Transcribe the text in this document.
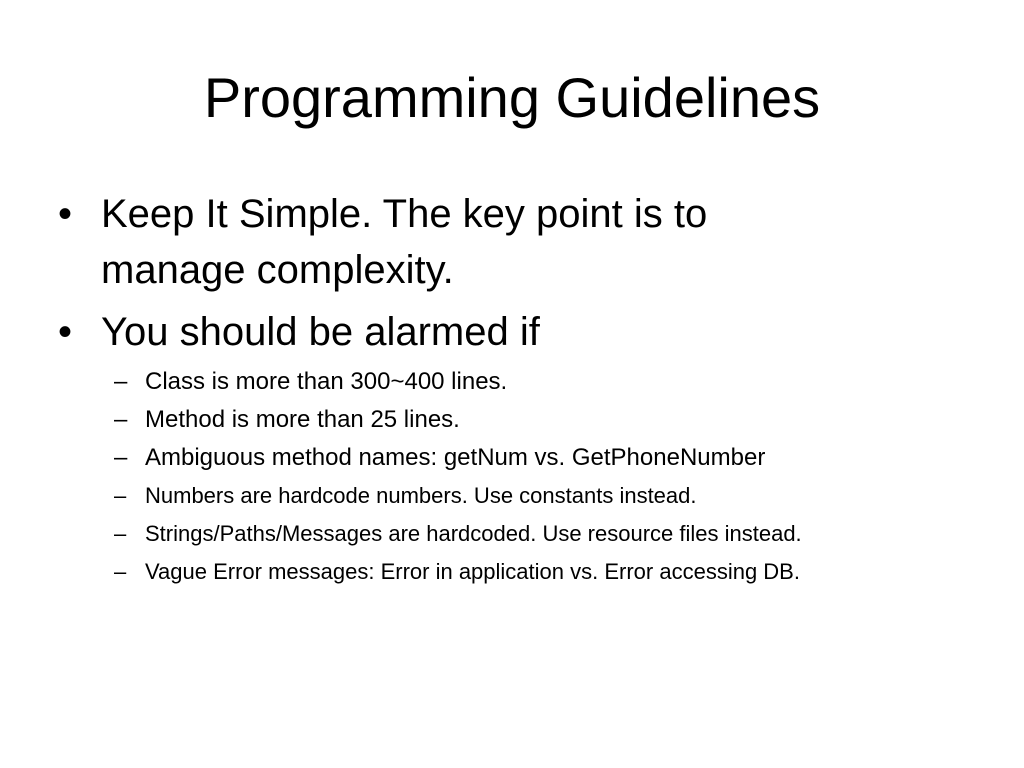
Programming Guidelines
• Keep It Simple. The key point is to
manage complexity.
• You should be alarmed if
– Class is more than 300~400 lines.
– Method is more than 25 lines.
– Ambiguous method names: getNum vs. GetPhoneNumber
– Numbers are hardcode numbers. Use constants instead.
– Strings/Paths/Messages are hardcoded. Use resource files instead.
– Vague Error messages: Error in application vs. Error accessing DB.
